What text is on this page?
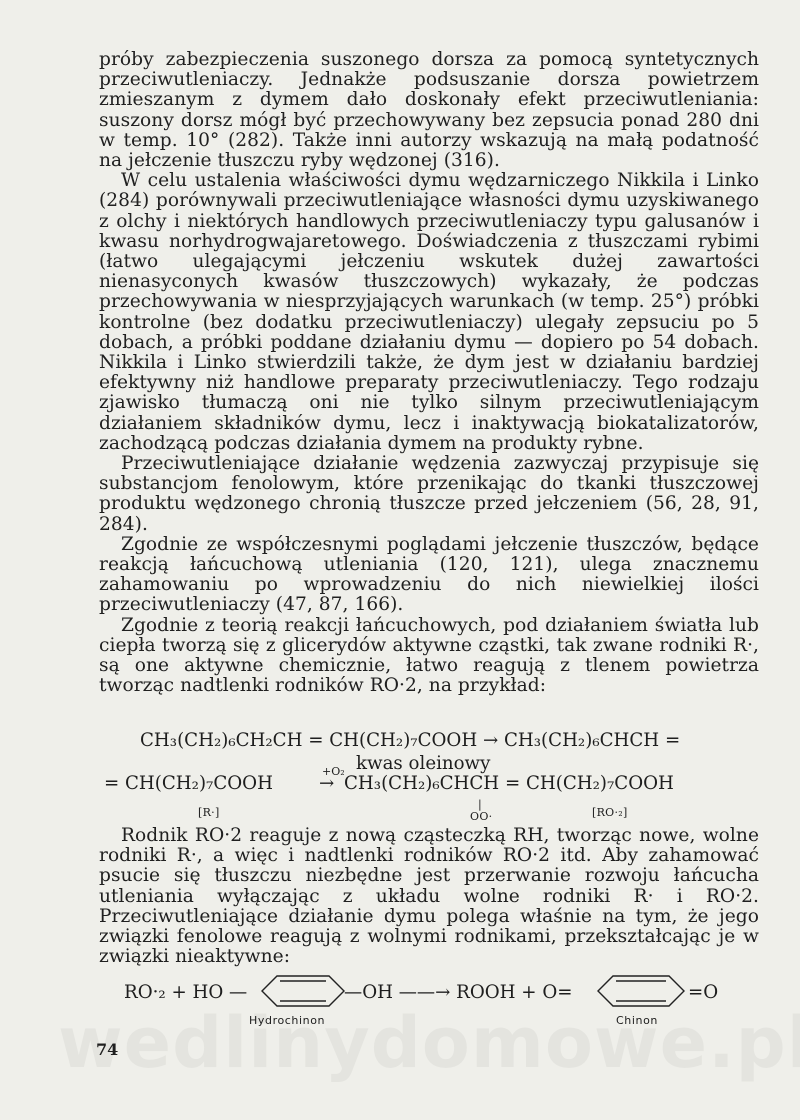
próby zabezpieczenia suszonego dorsza za pomocą syntetycznych przeciwutleniaczy. Jednakże podsuszanie dorsza powietrzem zmieszanym z dymem dało doskonały efekt przeciwutleniania: suszony dorsz mógł być przechowywany bez zepsucia ponad 280 dni w temp. 10° (282). Także inni autorzy wskazują na małą podatność na jełczenie tłuszczu ryby wędzonej (316).

W celu ustalenia właściwości dymu wędzarniczego Nikkila i Linko (284) porównywali przeciwutleniające własności dymu uzyskiwanego z olchy i niektórych handlowych przeciwutleniaczy typu galusanów i kwasu norhydrogwajaretowego. Doświadczenia z tłuszczami rybimi (łatwo ulegającymi jełczeniu wskutek dużej zawartości nienasyconych kwasów tłuszczowych) wykazały, że podczas przechowywania w niesprzyjających warunkach (w temp. 25°) próbki kontrolne (bez dodatku przeciwutleniaczy) ulegały zepsuciu po 5 dobach, a próbki poddane działaniu dymu — dopiero po 54 dobach. Nikkila i Linko stwierdzili także, że dym jest w działaniu bardziej efektywny niż handlowe preparaty przeciwutleniaczy. Tego rodzaju zjawisko tłumaczą oni nie tylko silnym przeciwutleniającym działaniem składników dymu, lecz i inaktywacją biokatalizatorów, zachodzącą podczas działania dymem na produkty rybne.

Przeciwutleniające działanie wędzenia zazwyczaj przypisuje się substancjom fenolowym, które przenikając do tkanki tłuszczowej produktu wędzonego chronią tłuszcze przed jełczeniem (56, 28, 91, 284).

Zgodnie ze współczesnymi poglądami jełczenie tłuszczów, będące reakcją łańcuchową utleniania (120, 121), ulega znacznemu zahamowaniu po wprowadzeniu do nich niewielkiej ilości przeciwutleniaczy (47, 87, 166).

Zgodnie z teorią reakcji łańcuchowych, pod działaniem światła lub ciepła tworzą się z glicerydów aktywne cząstki, tak zwane rodniki R·, są one aktywne chemicznie, łatwo reagują z tlenem powietrza tworząc nadtlenki rodników RO·2, na przykład:

CH₃(CH₂)₆CH₂CH = CH(CH₂)₇COOH → CH₃(CH₂)₆CHCH =
kwas oleinowy
= CH(CH₂)₇COOH
+O₂
→ CH₃(CH₂)₆CHCH = CH(CH₂)₇COOH
[R·]
|
OO·	[RO·₂]

Rodnik RO·2 reaguje z nową cząsteczką RH, tworząc nowe, wolne rodniki R·, a więc i nadtlenki rodników RO·2 itd. Aby zahamować psucie się tłuszczu niezbędne jest przerwanie rozwoju łańcucha utleniania wyłączając z układu wolne rodniki R· i RO·2. Przeciwutleniające działanie dymu polega właśnie na tym, że jego związki fenolowe reagują z wolnymi rodnikami, przekształcając je w związki nieaktywne:

RO·₂ + HO —	—OH ——→ ROOH + O=	=O
Hydrochinon	Chinon
74
